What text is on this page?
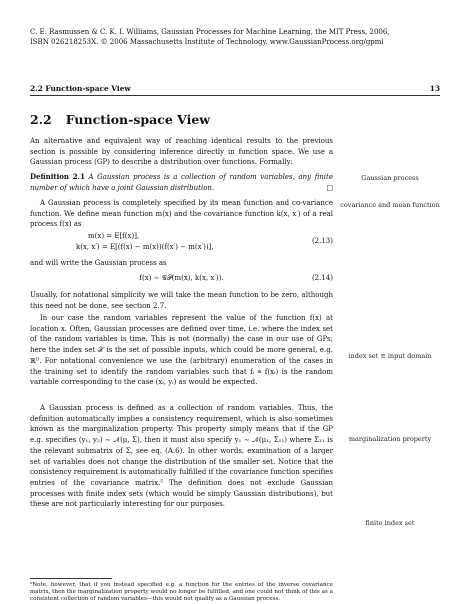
C. E. Rasmussen & C. K. I. Williams, Gaussian Processes for Machine Learning, the MIT Press, 2006,
ISBN 026218253X. © 2006 Massachusetts Institute of Technology. www.GaussianProcess.org/gpml
2.2 Function-space View	13
2.2 Function-space View
An alternative and equivalent way of reaching identical results to the previous section is possible by considering inference directly in function space. We use a Gaussian process (GP) to describe a distribution over functions. Formally:
Definition 2.1 A Gaussian process is a collection of random variables, any finite number of which have a joint Gaussian distribution.	□
Gaussian process
A Gaussian process is completely specified by its mean function and co-variance function. We define mean function m(x) and the covariance function k(x, x′) of a real process f(x) as
covariance and mean function
m(x) = E[f(x)],
k(x, x′) = E[(f(x) − m(x))(f(x′) − m(x′))],
(2.13)
and will write the Gaussian process as
f(x) ∼ 𝒢𝒫(m(x), k(x, x′)).	(2.14)
Usually, for notational simplicity we will take the mean function to be zero, although this need not be done, see section 2.7.
In our case the random variables represent the value of the function f(x) at location x. Often, Gaussian processes are defined over time, i.e. where the index set of the random variables is time. This is not (normally) the case in our use of GPs; here the index set 𝒳 is the set of possible inputs, which could be more general, e.g. ℝᴰ. For notational convenience we use the (arbitrary) enumeration of the cases in the training set to identify the random variables such that fᵢ ≜ f(xᵢ) is the random variable corresponding to the case (xᵢ, yᵢ) as would be expected.
index set ≡ input domain
A Gaussian process is defined as a collection of random variables. Thus, the definition automatically implies a consistency requirement, which is also sometimes known as the marginalization property. This property simply means that if the GP e.g. specifies (y₁, y₂) ∼ 𝒩(μ, Σ), then it must also specify y₁ ∼ 𝒩(μ₁, Σ₁₁) where Σ₁₁ is the relevant submatrix of Σ, see eq. (A.6). In other words, examination of a larger set of variables does not change the distribution of the smaller set. Notice that the consistency requirement is automatically fulfilled if the covariance function specifies entries of the covariance matrix.⁵ The definition does not exclude Gaussian processes with finite index sets (which would be simply Gaussian distributions), but these are not particularly interesting for our purposes.
marginalization property
finite index set
⁵Note, however, that if you instead specified e.g. a function for the entries of the inverse covariance matrix, then the marginalization property would no longer be fulfilled, and one could not think of this as a consistent collection of random variables—this would not qualify as a Gaussian process.
